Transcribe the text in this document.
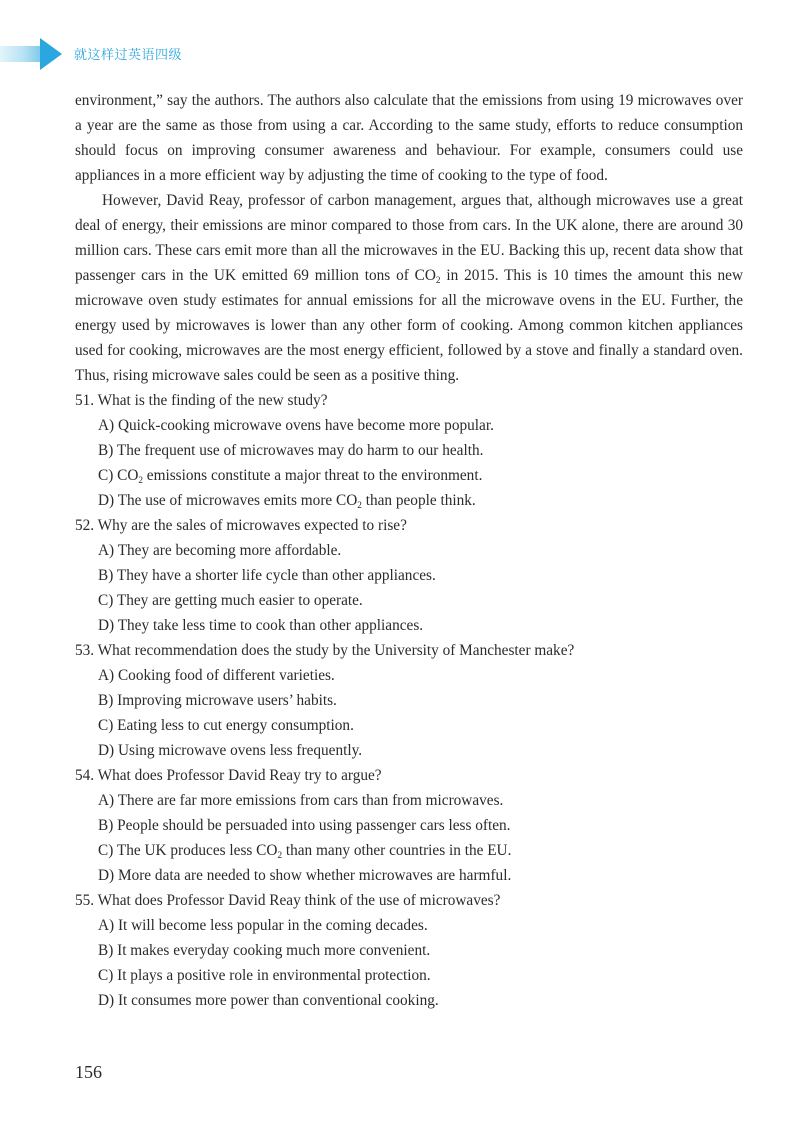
就这样过英语四级

environment,” say the authors. The authors also calculate that the emissions from using 19 microwaves over a year are the same as those from using a car. According to the same study, efforts to reduce consumption should focus on improving consumer awareness and behaviour. For example, consumers could use appliances in a more efficient way by adjusting the time of cooking to the type of food.

However, David Reay, professor of carbon management, argues that, although microwaves use a great deal of energy, their emissions are minor compared to those from cars. In the UK alone, there are around 30 million cars. These cars emit more than all the microwaves in the EU. Backing this up, recent data show that passenger cars in the UK emitted 69 million tons of $CO_2$ in 2015. This is 10 times the amount this new microwave oven study estimates for annual emissions for all the microwave ovens in the EU. Further, the energy used by microwaves is lower than any other form of cooking. Among common kitchen appliances used for cooking, microwaves are the most energy efficient, followed by a stove and finally a standard oven. Thus, rising microwave sales could be seen as a positive thing.

51. What is the finding of the new study?

A) Quick-cooking microwave ovens have become more popular.

B) The frequent use of microwaves may do harm to our health.

C) $CO_2$ emissions constitute a major threat to the environment.

D) The use of microwaves emits more $CO_2$ than people think.

52. Why are the sales of microwaves expected to rise?

A) They are becoming more affordable.

B) They have a shorter life cycle than other appliances.

C) They are getting much easier to operate.

D) They take less time to cook than other appliances.

53. What recommendation does the study by the University of Manchester make?

A) Cooking food of different varieties.

B) Improving microwave users’ habits.

C) Eating less to cut energy consumption.

D) Using microwave ovens less frequently.

54. What does Professor David Reay try to argue?

A) There are far more emissions from cars than from microwaves.

B) People should be persuaded into using passenger cars less often.

C) The UK produces less $CO_2$ than many other countries in the EU.

D) More data are needed to show whether microwaves are harmful.

55. What does Professor David Reay think of the use of microwaves?

A) It will become less popular in the coming decades.

B) It makes everyday cooking much more convenient.

C) It plays a positive role in environmental protection.

D) It consumes more power than conventional cooking.

156
